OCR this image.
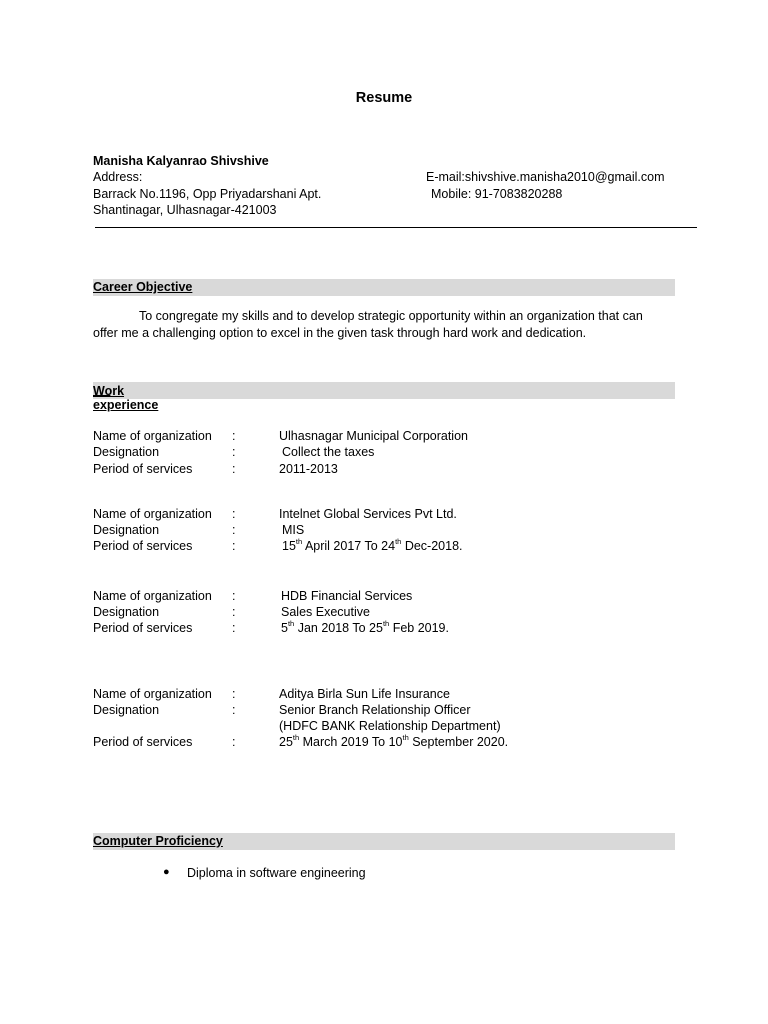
Resume
Manisha Kalyanrao Shivshive
Address:
Barrack No.1196, Opp Priyadarshani Apt.
Shantinagar, Ulhasnagar-421003
E-mail:shivshive.manisha2010@gmail.com
Mobile: 91-7083820288
Career Objective
To congregate my skills and to develop strategic opportunity within an organization that can
offer me a challenging option to excel in the given task through hard work and dedication.
Work experience

Name of organization :	Ulhasnagar Municipal Corporation
Designation	:	Collect the taxes
Period of services	:	2011-2013
Name of organization :	Intelnet Global Services Pvt Ltd.
Designation	:	MIS
Period of services	:	15th April 2017 To 24th Dec-2018.
Name of organization :	HDB Financial Services
Designation	:	Sales Executive
Period of services	:	5th Jan 2018 To 25th Feb 2019.
Name of organization :	Aditya Birla Sun Life Insurance
Designation	:	Senior Branch Relationship Officer
(HDFC BANK Relationship Department)
Period of services	:	25th March 2019 To 10th September 2020.
Computer Proficiency
● Diploma in software engineering
